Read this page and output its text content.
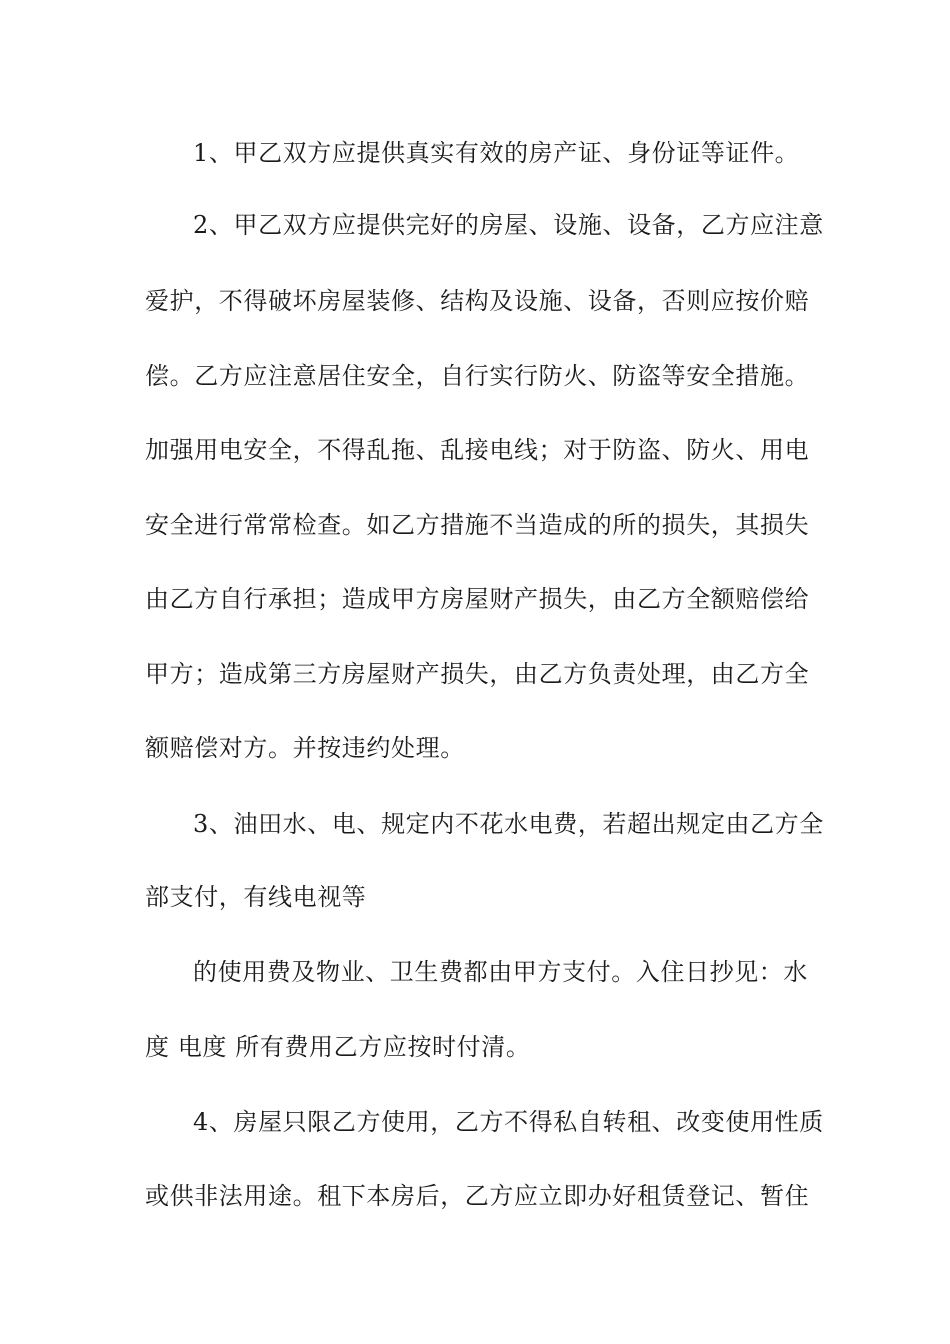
1、甲乙双方应提供真实有效的房产证、身份证等证件。
2、甲乙双方应提供完好的房屋、设施、设备，乙方应注意
爱护，不得破坏房屋装修、结构及设施、设备，否则应按价赔
偿。乙方应注意居住安全，自行实行防火、防盗等安全措施。
加强用电安全，不得乱拖、乱接电线；对于防盗、防火、用电
安全进行常常检查。如乙方措施不当造成的所的损失，其损失
由乙方自行承担；造成甲方房屋财产损失，由乙方全额赔偿给
甲方；造成第三方房屋财产损失，由乙方负责处理，由乙方全
额赔偿对方。并按违约处理。
3、油田水、电、规定内不花水电费，若超出规定由乙方全
部支付，有线电视等
的使用费及物业、卫生费都由甲方支付。入住日抄见：水
度 电度 所有费用乙方应按时付清。
4、房屋只限乙方使用，乙方不得私自转租、改变使用性质
或供非法用途。租下本房后，乙方应立即办好租赁登记、暂住
